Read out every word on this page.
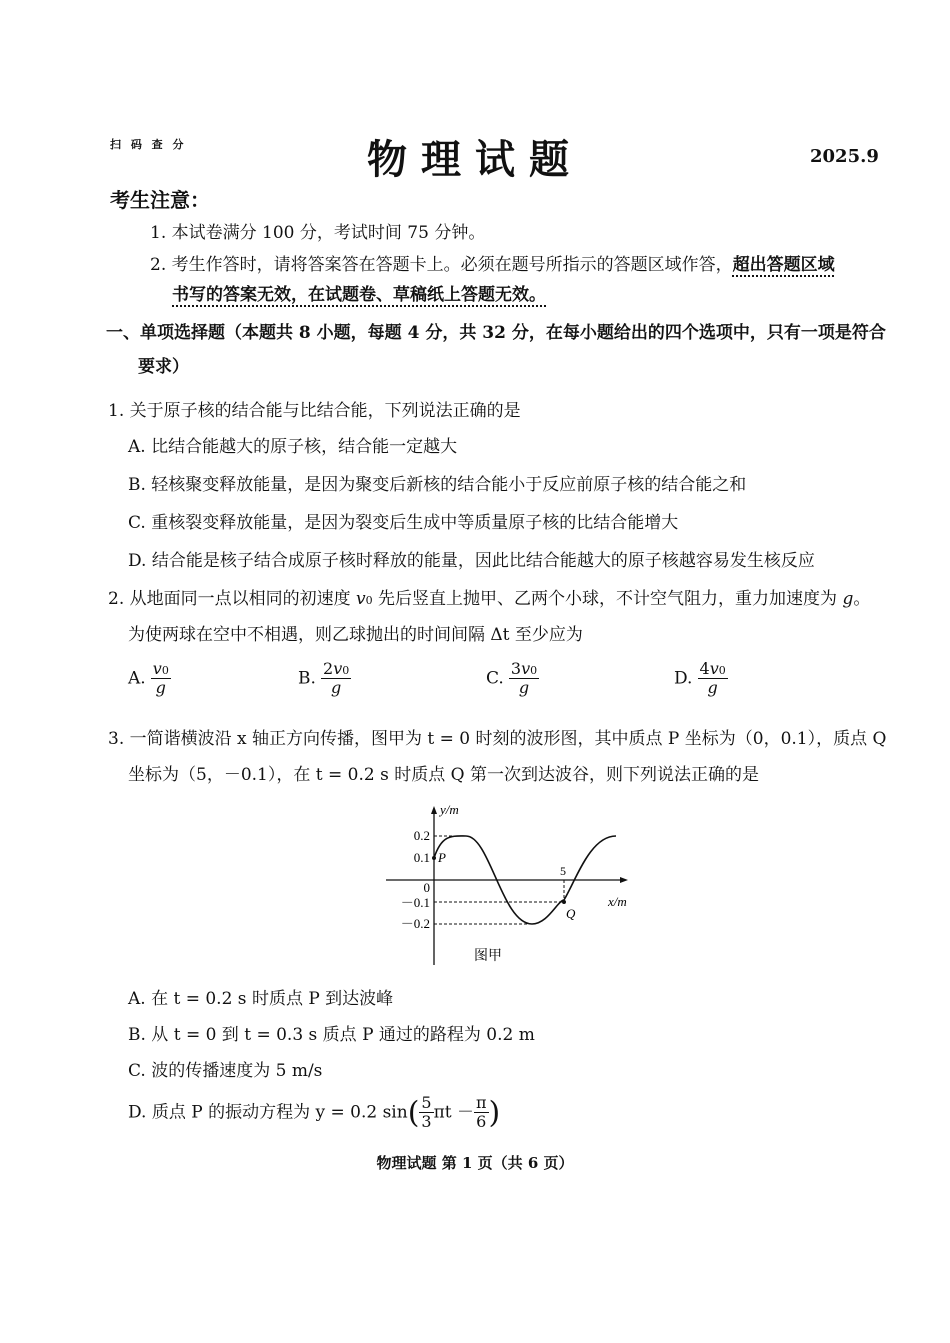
扫 码 查 分	物理试题	2025.9
考生注意：
1. 本试卷满分 100 分，考试时间 75 分钟。
2. 考生作答时，请将答案答在答题卡上。必须在题号所指示的答题区域作答，超出答题区域
书写的答案无效，在试题卷、草稿纸上答题无效。
一、单项选择题（本题共 8 小题，每题 4 分，共 32 分，在每小题给出的四个选项中，只有一项是符合
要求）
1. 关于原子核的结合能与比结合能，下列说法正确的是
A. 比结合能越大的原子核，结合能一定越大
B. 轻核聚变释放能量，是因为聚变后新核的结合能小于反应前原子核的结合能之和
C. 重核裂变释放能量，是因为裂变后生成中等质量原子核的比结合能增大
D. 结合能是核子结合成原子核时释放的能量，因此比结合能越大的原子核越容易发生核反应
2. 从地面同一点以相同的初速度 v0 先后竖直上抛甲、乙两个小球，不计空气阻力，重力加速度为 g。
为使两球在空中不相遇，则乙球抛出的时间间隔 Δt 至少应为
A. $\frac{v0}{g}$	B. $\frac{2v0}{g}$	C. $\frac{3v0}{g}$	D. $\frac{4v0}{g}$
3. 一简谐横波沿 x 轴正方向传播，图甲为 t = 0 时刻的波形图，其中质点 P 坐标为（0，0.1），质点 Q
坐标为（5，－0.1），在 t = 0.2 s 时质点 Q 第一次到达波谷，则下列说法正确的是
y/m
x/m
0.2
0.1
0
－0.1
－0.2
5
P
Q
图甲
A. 在 t = 0.2 s 时质点 P 到达波峰
B. 从 t = 0 到 t = 0.3 s 质点 P 通过的路程为 0.2 m
C. 波的传播速度为 5 m/s
D. 质点 P 的振动方程为 y = 0.2 $\sin( \frac{5}{3}$ $\pi t - \frac{\pi}{6}$ )
物理试题 第 1 页（共 6 页）
